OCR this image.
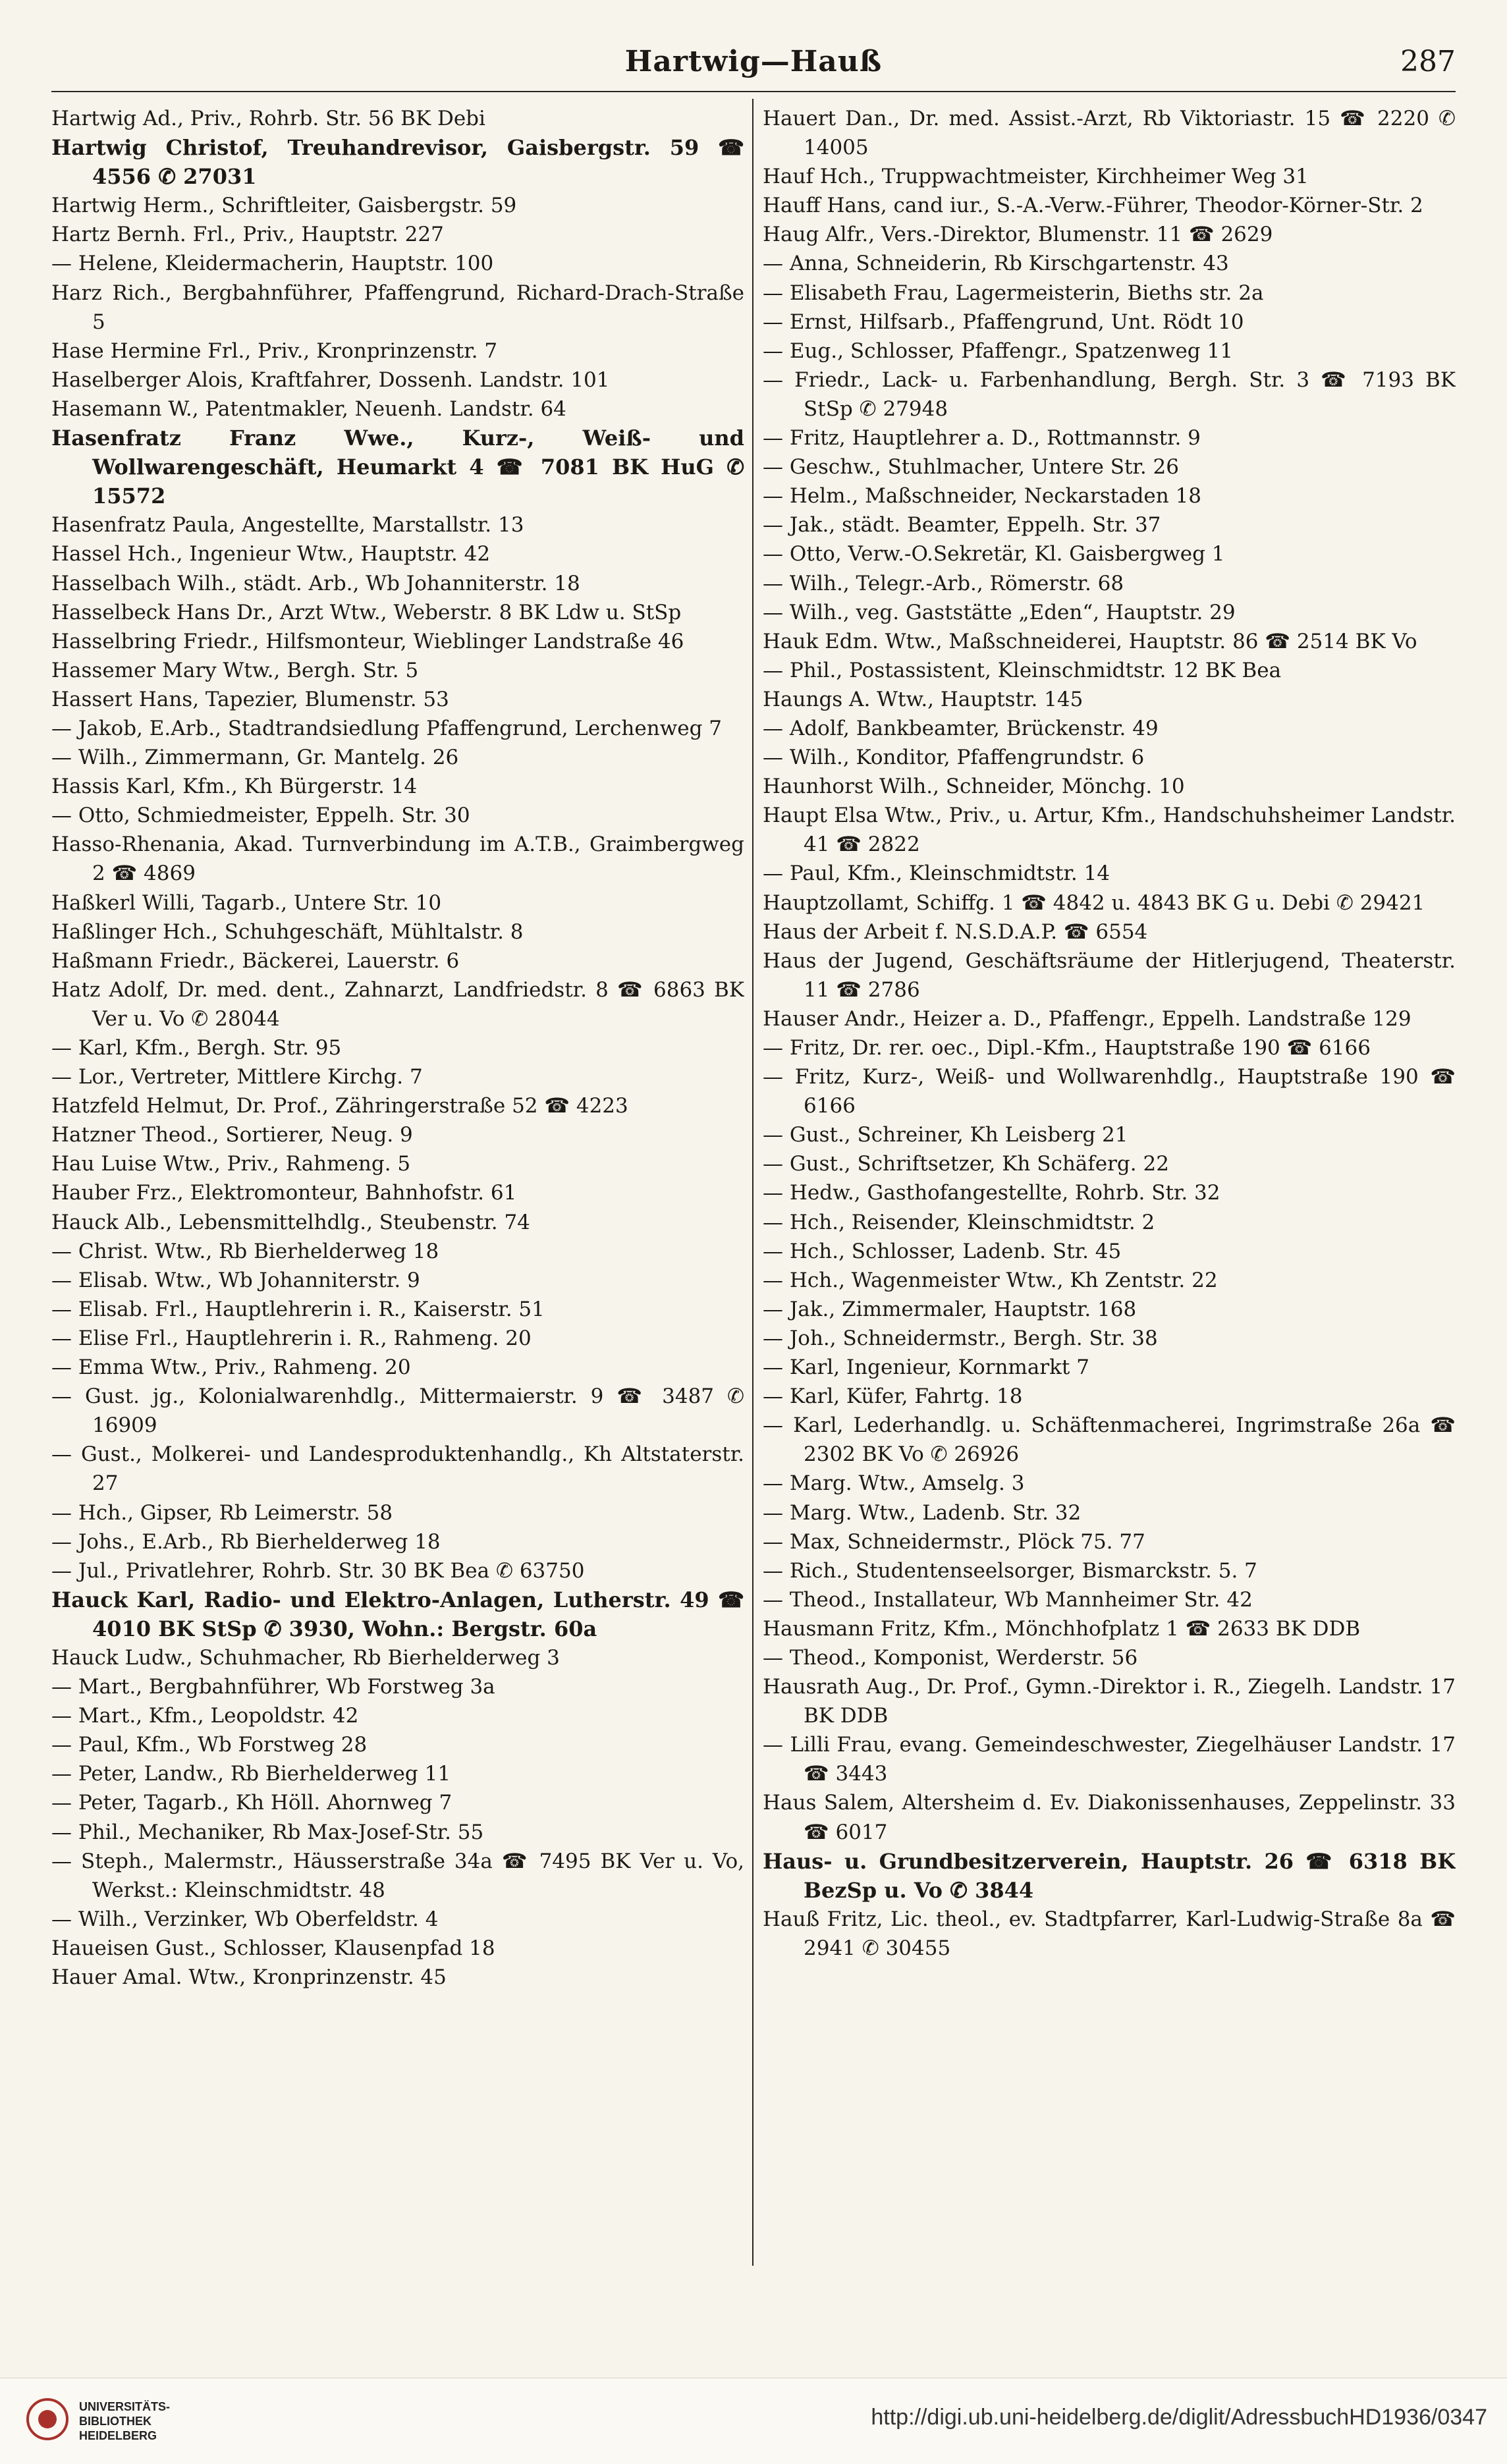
Hartwig—Hauß	287

Hartwig Ad., Priv., Rohrb. Str. 56 BK Debi

Hartwig Christof, Treuhandrevisor, Gaisbergstr. 59 ☎ 4556 ✆ 27031

Hartwig Herm., Schriftleiter, Gaisbergstr. 59

Hartz Bernh. Frl., Priv., Hauptstr. 227

— Helene, Kleidermacherin, Hauptstr. 100

Harz Rich., Bergbahnführer, Pfaffengrund, Richard-Drach-Straße 5

Hase Hermine Frl., Priv., Kronprinzenstr. 7

Haselberger Alois, Kraftfahrer, Dossenh. Landstr. 101

Hasemann W., Patentmakler, Neuenh. Landstr. 64

Hasenfratz Franz Wwe., Kurz-, Weiß- und Wollwarengeschäft, Heumarkt 4 ☎ 7081 BK HuG ✆ 15572

Hasenfratz Paula, Angestellte, Marstallstr. 13

Hassel Hch., Ingenieur Wtw., Hauptstr. 42

Hasselbach Wilh., städt. Arb., Wb Johanniterstr. 18

Hasselbeck Hans Dr., Arzt Wtw., Weberstr. 8 BK Ldw u. StSp

Hasselbring Friedr., Hilfsmonteur, Wieblinger Landstraße 46

Hassemer Mary Wtw., Bergh. Str. 5

Hassert Hans, Tapezier, Blumenstr. 53

— Jakob, E.Arb., Stadtrandsiedlung Pfaffengrund, Lerchenweg 7

— Wilh., Zimmermann, Gr. Mantelg. 26

Hassis Karl, Kfm., Kh Bürgerstr. 14

— Otto, Schmiedmeister, Eppelh. Str. 30

Hasso-Rhenania, Akad. Turnverbindung im A.T.B., Graimbergweg 2 ☎ 4869

Haßkerl Willi, Tagarb., Untere Str. 10

Haßlinger Hch., Schuhgeschäft, Mühltalstr. 8

Haßmann Friedr., Bäckerei, Lauerstr. 6

Hatz Adolf, Dr. med. dent., Zahnarzt, Landfriedstr. 8 ☎ 6863 BK Ver u. Vo ✆ 28044

— Karl, Kfm., Bergh. Str. 95

— Lor., Vertreter, Mittlere Kirchg. 7

Hatzfeld Helmut, Dr. Prof., Zähringerstraße 52 ☎ 4223

Hatzner Theod., Sortierer, Neug. 9

Hau Luise Wtw., Priv., Rahmeng. 5

Hauber Frz., Elektromonteur, Bahnhofstr. 61

Hauck Alb., Lebensmittelhdlg., Steubenstr. 74

— Christ. Wtw., Rb Bierhelderweg 18

— Elisab. Wtw., Wb Johanniterstr. 9

— Elisab. Frl., Hauptlehrerin i. R., Kaiserstr. 51

— Elise Frl., Hauptlehrerin i. R., Rahmeng. 20

— Emma Wtw., Priv., Rahmeng. 20

— Gust. jg., Kolonialwarenhdlg., Mittermaierstr. 9 ☎ 3487 ✆ 16909

— Gust., Molkerei- und Landesproduktenhandlg., Kh Altstaterstr. 27

— Hch., Gipser, Rb Leimerstr. 58

— Johs., E.Arb., Rb Bierhelderweg 18

— Jul., Privatlehrer, Rohrb. Str. 30 BK Bea ✆ 63750

Hauck Karl, Radio- und Elektro-Anlagen, Lutherstr. 49 ☎ 4010 BK StSp ✆ 3930, Wohn.: Bergstr. 60a

Hauck Ludw., Schuhmacher, Rb Bierhelderweg 3

— Mart., Bergbahnführer, Wb Forstweg 3a

— Mart., Kfm., Leopoldstr. 42

— Paul, Kfm., Wb Forstweg 28

— Peter, Landw., Rb Bierhelderweg 11

— Peter, Tagarb., Kh Höll. Ahornweg 7

— Phil., Mechaniker, Rb Max-Josef-Str. 55

— Steph., Malermstr., Häusserstraße 34a ☎ 7495 BK Ver u. Vo, Werkst.: Kleinschmidtstr. 48

— Wilh., Verzinker, Wb Oberfeldstr. 4

Haueisen Gust., Schlosser, Klausenpfad 18

Hauer Amal. Wtw., Kronprinzenstr. 45

Hauert Dan., Dr. med. Assist.-Arzt, Rb Viktoriastr. 15 ☎ 2220 ✆ 14005

Hauf Hch., Truppwachtmeister, Kirchheimer Weg 31

Hauff Hans, cand iur., S.-A.-Verw.-Führer, Theodor-Körner-Str. 2

Haug Alfr., Vers.-Direktor, Blumenstr. 11 ☎ 2629

— Anna, Schneiderin, Rb Kirschgartenstr. 43

— Elisabeth Frau, Lagermeisterin, Bieths str. 2a

— Ernst, Hilfsarb., Pfaffengrund, Unt. Rödt 10

— Eug., Schlosser, Pfaffengr., Spatzenweg 11

— Friedr., Lack- u. Farbenhandlung, Bergh. Str. 3 ☎ 7193 BK StSp ✆ 27948

— Fritz, Hauptlehrer a. D., Rottmannstr. 9

— Geschw., Stuhlmacher, Untere Str. 26

— Helm., Maßschneider, Neckarstaden 18

— Jak., städt. Beamter, Eppelh. Str. 37

— Otto, Verw.-O.Sekretär, Kl. Gaisbergweg 1

— Wilh., Telegr.-Arb., Römerstr. 68

— Wilh., veg. Gaststätte „Eden“, Hauptstr. 29

Hauk Edm. Wtw., Maßschneiderei, Hauptstr. 86 ☎ 2514 BK Vo

— Phil., Postassistent, Kleinschmidtstr. 12 BK Bea

Haungs A. Wtw., Hauptstr. 145

— Adolf, Bankbeamter, Brückenstr. 49

— Wilh., Konditor, Pfaffengrundstr. 6

Haunhorst Wilh., Schneider, Mönchg. 10

Haupt Elsa Wtw., Priv., u. Artur, Kfm., Handschuhsheimer Landstr. 41 ☎ 2822

— Paul, Kfm., Kleinschmidtstr. 14

Hauptzollamt, Schiffg. 1 ☎ 4842 u. 4843 BK G u. Debi ✆ 29421

Haus der Arbeit f. N.S.D.A.P. ☎ 6554

Haus der Jugend, Geschäftsräume der Hitlerjugend, Theaterstr. 11 ☎ 2786

Hauser Andr., Heizer a. D., Pfaffengr., Eppelh. Landstraße 129

— Fritz, Dr. rer. oec., Dipl.-Kfm., Hauptstraße 190 ☎ 6166

— Fritz, Kurz-, Weiß- und Wollwarenhdlg., Hauptstraße 190 ☎ 6166

— Gust., Schreiner, Kh Leisberg 21

— Gust., Schriftsetzer, Kh Schäferg. 22

— Hedw., Gasthofangestellte, Rohrb. Str. 32

— Hch., Reisender, Kleinschmidtstr. 2

— Hch., Schlosser, Ladenb. Str. 45

— Hch., Wagenmeister Wtw., Kh Zentstr. 22

— Jak., Zimmermaler, Hauptstr. 168

— Joh., Schneidermstr., Bergh. Str. 38

— Karl, Ingenieur, Kornmarkt 7

— Karl, Küfer, Fahrtg. 18

— Karl, Lederhandlg. u. Schäftenmacherei, Ingrimstraße 26a ☎ 2302 BK Vo ✆ 26926

— Marg. Wtw., Amselg. 3

— Marg. Wtw., Ladenb. Str. 32

— Max, Schneidermstr., Plöck 75. 77

— Rich., Studentenseelsorger, Bismarckstr. 5. 7

— Theod., Installateur, Wb Mannheimer Str. 42

Hausmann Fritz, Kfm., Mönchhofplatz 1 ☎ 2633 BK DDB

— Theod., Komponist, Werderstr. 56

Hausrath Aug., Dr. Prof., Gymn.-Direktor i. R., Ziegelh. Landstr. 17 BK DDB

— Lilli Frau, evang. Gemeindeschwester, Ziegelhäuser Landstr. 17 ☎ 3443

Haus Salem, Altersheim d. Ev. Diakonissenhauses, Zeppelinstr. 33 ☎ 6017

Haus- u. Grundbesitzerverein, Hauptstr. 26 ☎ 6318 BK BezSp u. Vo ✆ 3844

Hauß Fritz, Lic. theol., ev. Stadtpfarrer, Karl-Ludwig-Straße 8a ☎ 2941 ✆ 30455

UNIVERSITÄTS-BIBLIOTHEK HEIDELBERG
http://digi.ub.uni-heidelberg.de/diglit/AdressbuchHD1936/0347
